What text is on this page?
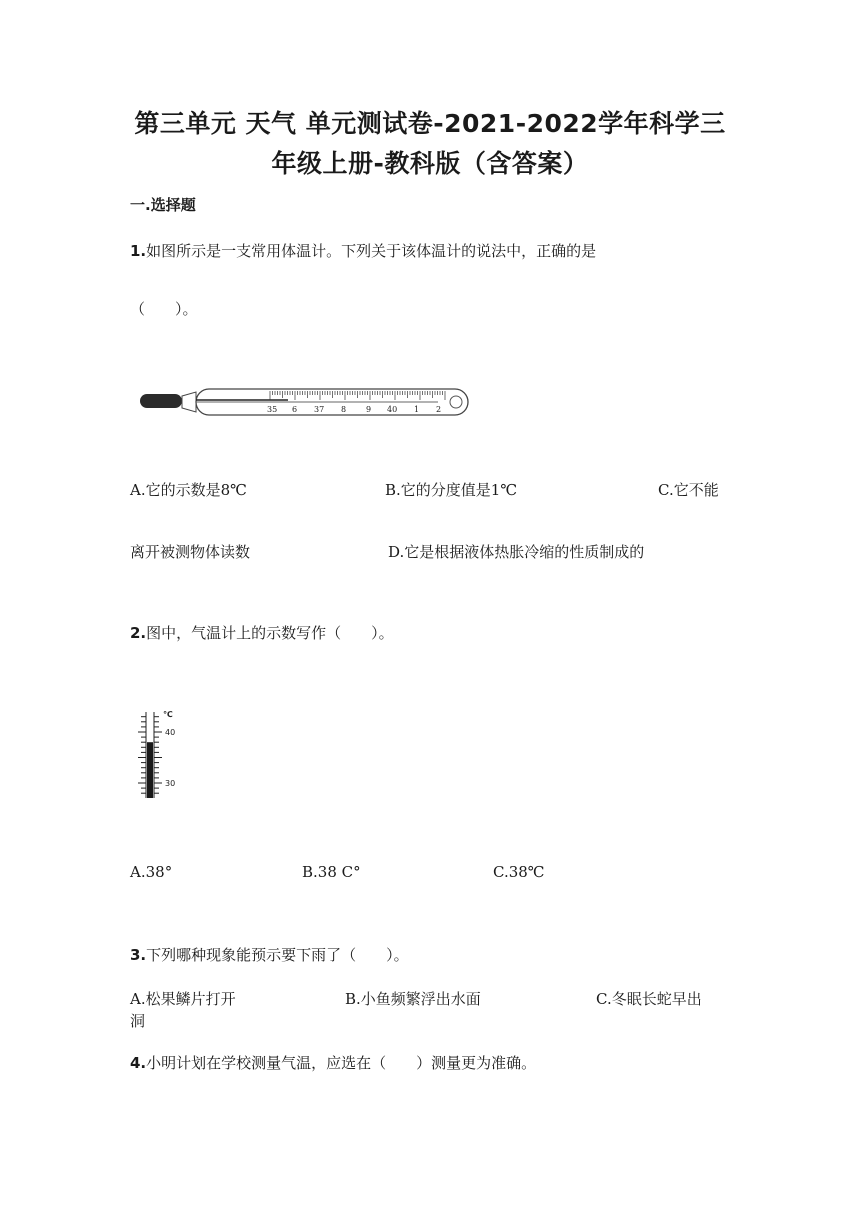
第三单元 天气 单元测试卷-2021-2022学年科学三
年级上册-教科版（含答案）
一.选择题
1.如图所示是一支常用体温计。下列关于该体温计的说法中，正确的是
（　　）。
35 6 37 8 9 40 1 2
A.它的示数是8℃	B.它的分度值是1℃	C.它不能
离开被测物体读数	D.它是根据液体热胀冷缩的性质制成的
2.图中，气温计上的示数写作（　　）。
℃
40
30
A.38°	B.38 C°	C.38℃
3.下列哪种现象能预示要下雨了（　　）。
A.松果鳞片打开	B.小鱼频繁浮出水面	C.冬眠长蛇早出
洞
4.小明计划在学校测量气温，应选在（　　）测量更为准确。
